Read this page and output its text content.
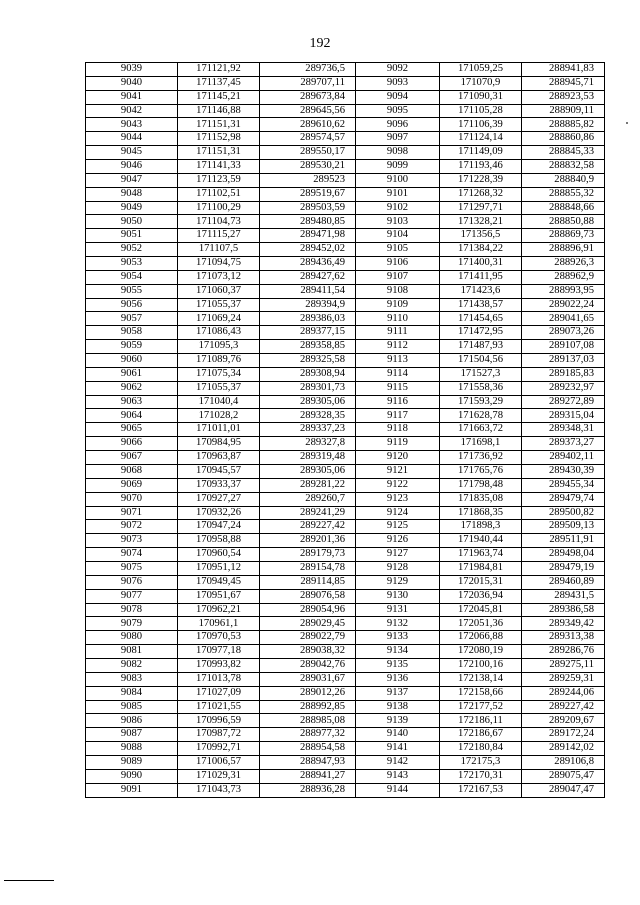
192
9039	171121,92	289736,5	9092	171059,25	288941,83
9040	171137,45	289707,11	9093	171070,9	288945,71
9041	171145,21	289673,84	9094	171090,31	288923,53
9042	171146,88	289645,56	9095	171105,28	288909,11
9043	171151,31	289610,62	9096	171106,39	288885,82
9044	171152,98	289574,57	9097	171124,14	288860,86
9045	171151,31	289550,17	9098	171149,09	288845,33
9046	171141,33	289530,21	9099	171193,46	288832,58
9047	171123,59	289523	9100	171228,39	288840,9
9048	171102,51	289519,67	9101	171268,32	288855,32
9049	171100,29	289503,59	9102	171297,71	288848,66
9050	171104,73	289480,85	9103	171328,21	288850,88
9051	171115,27	289471,98	9104	171356,5	288869,73
9052	171107,5	289452,02	9105	171384,22	288896,91
9053	171094,75	289436,49	9106	171400,31	288926,3
9054	171073,12	289427,62	9107	171411,95	288962,9
9055	171060,37	289411,54	9108	171423,6	288993,95
9056	171055,37	289394,9	9109	171438,57	289022,24
9057	171069,24	289386,03	9110	171454,65	289041,65
9058	171086,43	289377,15	9111	171472,95	289073,26
9059	171095,3	289358,85	9112	171487,93	289107,08
9060	171089,76	289325,58	9113	171504,56	289137,03
9061	171075,34	289308,94	9114	171527,3	289185,83
9062	171055,37	289301,73	9115	171558,36	289232,97
9063	171040,4	289305,06	9116	171593,29	289272,89
9064	171028,2	289328,35	9117	171628,78	289315,04
9065	171011,01	289337,23	9118	171663,72	289348,31
9066	170984,95	289327,8	9119	171698,1	289373,27
9067	170963,87	289319,48	9120	171736,92	289402,11
9068	170945,57	289305,06	9121	171765,76	289430,39
9069	170933,37	289281,22	9122	171798,48	289455,34
9070	170927,27	289260,7	9123	171835,08	289479,74
9071	170932,26	289241,29	9124	171868,35	289500,82
9072	170947,24	289227,42	9125	171898,3	289509,13
9073	170958,88	289201,36	9126	171940,44	289511,91
9074	170960,54	289179,73	9127	171963,74	289498,04
9075	170951,12	289154,78	9128	171984,81	289479,19
9076	170949,45	289114,85	9129	172015,31	289460,89
9077	170951,67	289076,58	9130	172036,94	289431,5
9078	170962,21	289054,96	9131	172045,81	289386,58
9079	170961,1	289029,45	9132	172051,36	289349,42
9080	170970,53	289022,79	9133	172066,88	289313,38
9081	170977,18	289038,32	9134	172080,19	289286,76
9082	170993,82	289042,76	9135	172100,16	289275,11
9083	171013,78	289031,67	9136	172138,14	289259,31
9084	171027,09	289012,26	9137	172158,66	289244,06
9085	171021,55	288992,85	9138	172177,52	289227,42
9086	170996,59	288985,08	9139	172186,11	289209,67
9087	170987,72	288977,32	9140	172186,67	289172,24
9088	170992,71	288954,58	9141	172180,84	289142,02
9089	171006,57	288947,93	9142	172175,3	289106,8
9090	171029,31	288941,27	9143	172170,31	289075,47
9091	171043,73	288936,28	9144	172167,53	289047,47
